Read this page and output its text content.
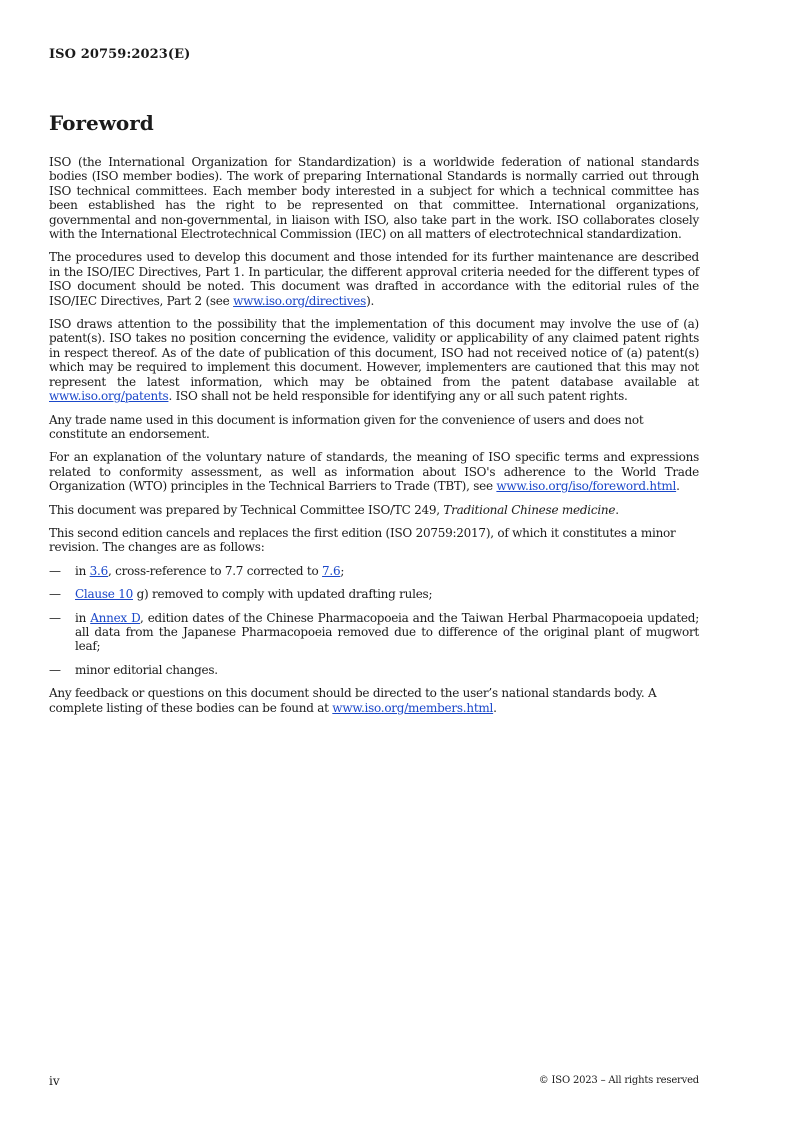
ISO 20759:2023(E)
Foreword

ISO (the International Organization for Standardization) is a worldwide federation of national standards bodies (ISO member bodies). The work of preparing International Standards is normally carried out through ISO technical committees. Each member body interested in a subject for which a technical committee has been established has the right to be represented on that committee. International organizations, governmental and non-governmental, in liaison with ISO, also take part in the work. ISO collaborates closely with the International Electrotechnical Commission (IEC) on all matters of electrotechnical standardization.

The procedures used to develop this document and those intended for its further maintenance are described in the ISO/IEC Directives, Part 1. In particular, the different approval criteria needed for the different types of ISO document should be noted. This document was drafted in accordance with the editorial rules of the ISO/IEC Directives, Part 2 (see www.iso.org/directives).

ISO draws attention to the possibility that the implementation of this document may involve the use of (a) patent(s). ISO takes no position concerning the evidence, validity or applicability of any claimed patent rights in respect thereof. As of the date of publication of this document, ISO had not received notice of (a) patent(s) which may be required to implement this document. However, implementers are cautioned that this may not represent the latest information, which may be obtained from the patent database available at www.iso.org/patents. ISO shall not be held responsible for identifying any or all such patent rights.

Any trade name used in this document is information given for the convenience of users and does not constitute an endorsement.

For an explanation of the voluntary nature of standards, the meaning of ISO specific terms and expressions related to conformity assessment, as well as information about ISO's adherence to the World Trade Organization (WTO) principles in the Technical Barriers to Trade (TBT), see www.iso.org/iso/foreword.html.

This document was prepared by Technical Committee ISO/TC 249, Traditional Chinese medicine.

This second edition cancels and replaces the first edition (ISO 20759:2017), of which it constitutes a minor revision. The changes are as follows:

—	in 3.6, cross-reference to 7.7 corrected to 7.6;
—	Clause 10 g) removed to comply with updated drafting rules;
—	in Annex D, edition dates of the Chinese Pharmacopoeia and the Taiwan Herbal Pharmacopoeia updated; all data from the Japanese Pharmacopoeia removed due to difference of the original plant of mugwort leaf;
—	minor editorial changes.

Any feedback or questions on this document should be directed to the user’s national standards body. A complete listing of these bodies can be found at www.iso.org/members.html.

iv	© ISO 2023 – All rights reserved
